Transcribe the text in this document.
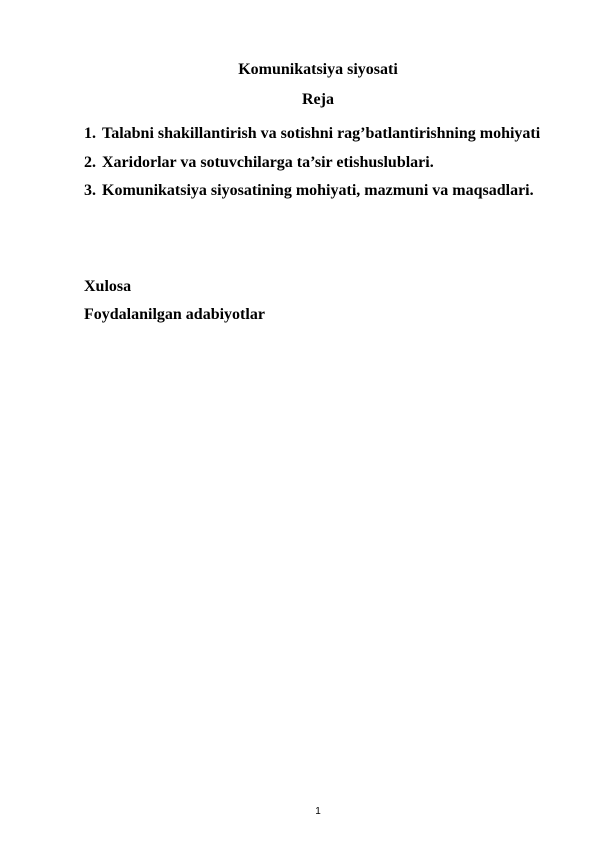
Komunikatsiya siyosati
Reja
1. Talabni shakillantirish va sotishni rag’batlantirishning mohiyati
2. Xaridorlar va sotuvchilarga ta’sir etishuslublari.
3. Komunikatsiya siyosatining mohiyati, mazmuni va maqsadlari.
Xulosa
Foydalanilgan adabiyotlar
1
